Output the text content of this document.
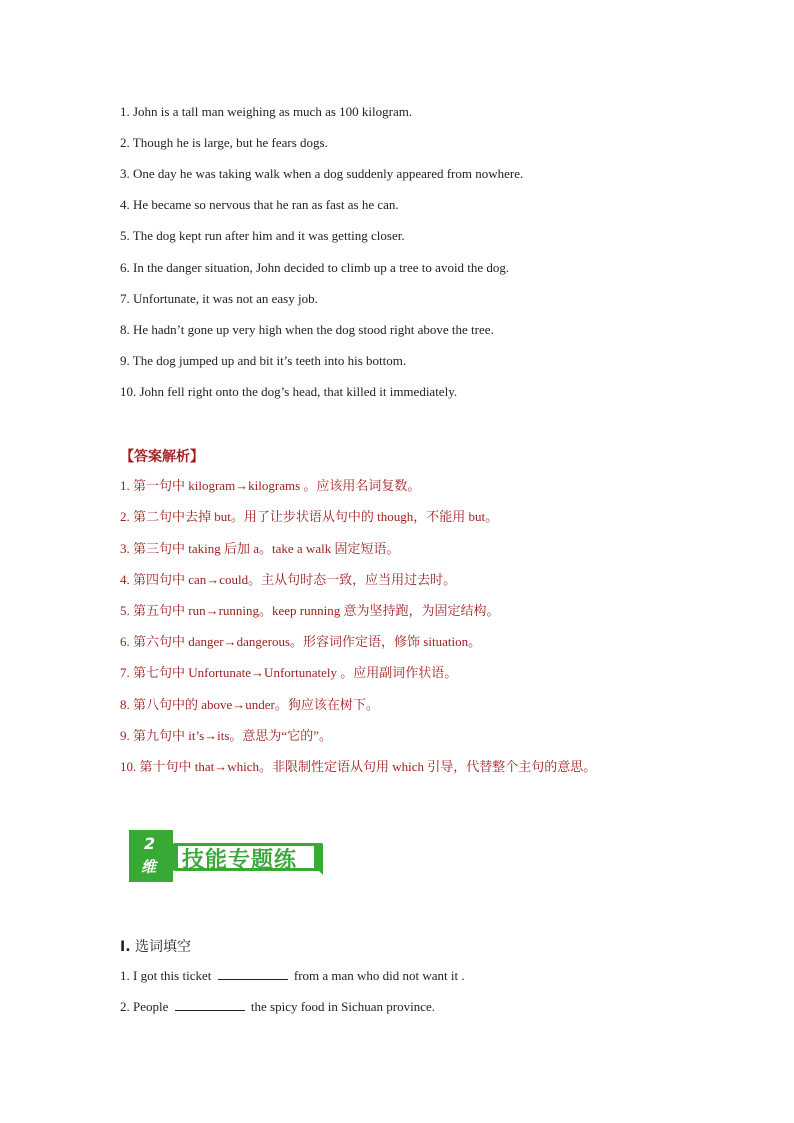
1. John is a tall man weighing as much as 100 kilogram.
2. Though he is large, but he fears dogs.
3. One day he was taking walk when a dog suddenly appeared from nowhere.
4. He became so nervous that he ran as fast as he can.
5. The dog kept run after him and it was getting closer.
6. In the danger situation, John decided to climb up a tree to avoid the dog.
7. Unfortunate, it was not an easy job.
8. He hadn’t gone up very high when the dog stood right above the tree.
9. The dog jumped up and bit it’s teeth into his bottom.
10. John fell right onto the dog’s head, that killed it immediately.
【答案解析】
1. 第一句中 kilogram→kilograms 。应该用名词复数。
2. 第二句中去掉 but。用了让步状语从句中的 though，不能用 but。
3. 第三句中 taking 后加 a。take a walk 固定短语。
4. 第四句中 can→could。主从句时态一致，应当用过去时。
5. 第五句中 run→running。keep running 意为坚持跑，为固定结构。
6. 第六句中 danger→dangerous。形容词作定语，修饰 situation。
7. 第七句中 Unfortunate→Unfortunately 。应用副词作状语。
8. 第八句中的 above→under。狗应该在树下。
9. 第九句中 it’s→its。意思为“它的”。
10. 第十句中 that→which。非限制性定语从句用 which 引导，代替整个主句的意思。
技能专题练
2
维
I. 选词填空
1. I got this ticket	from a man who did not want it .
2. People	the spicy food in Sichuan province.
